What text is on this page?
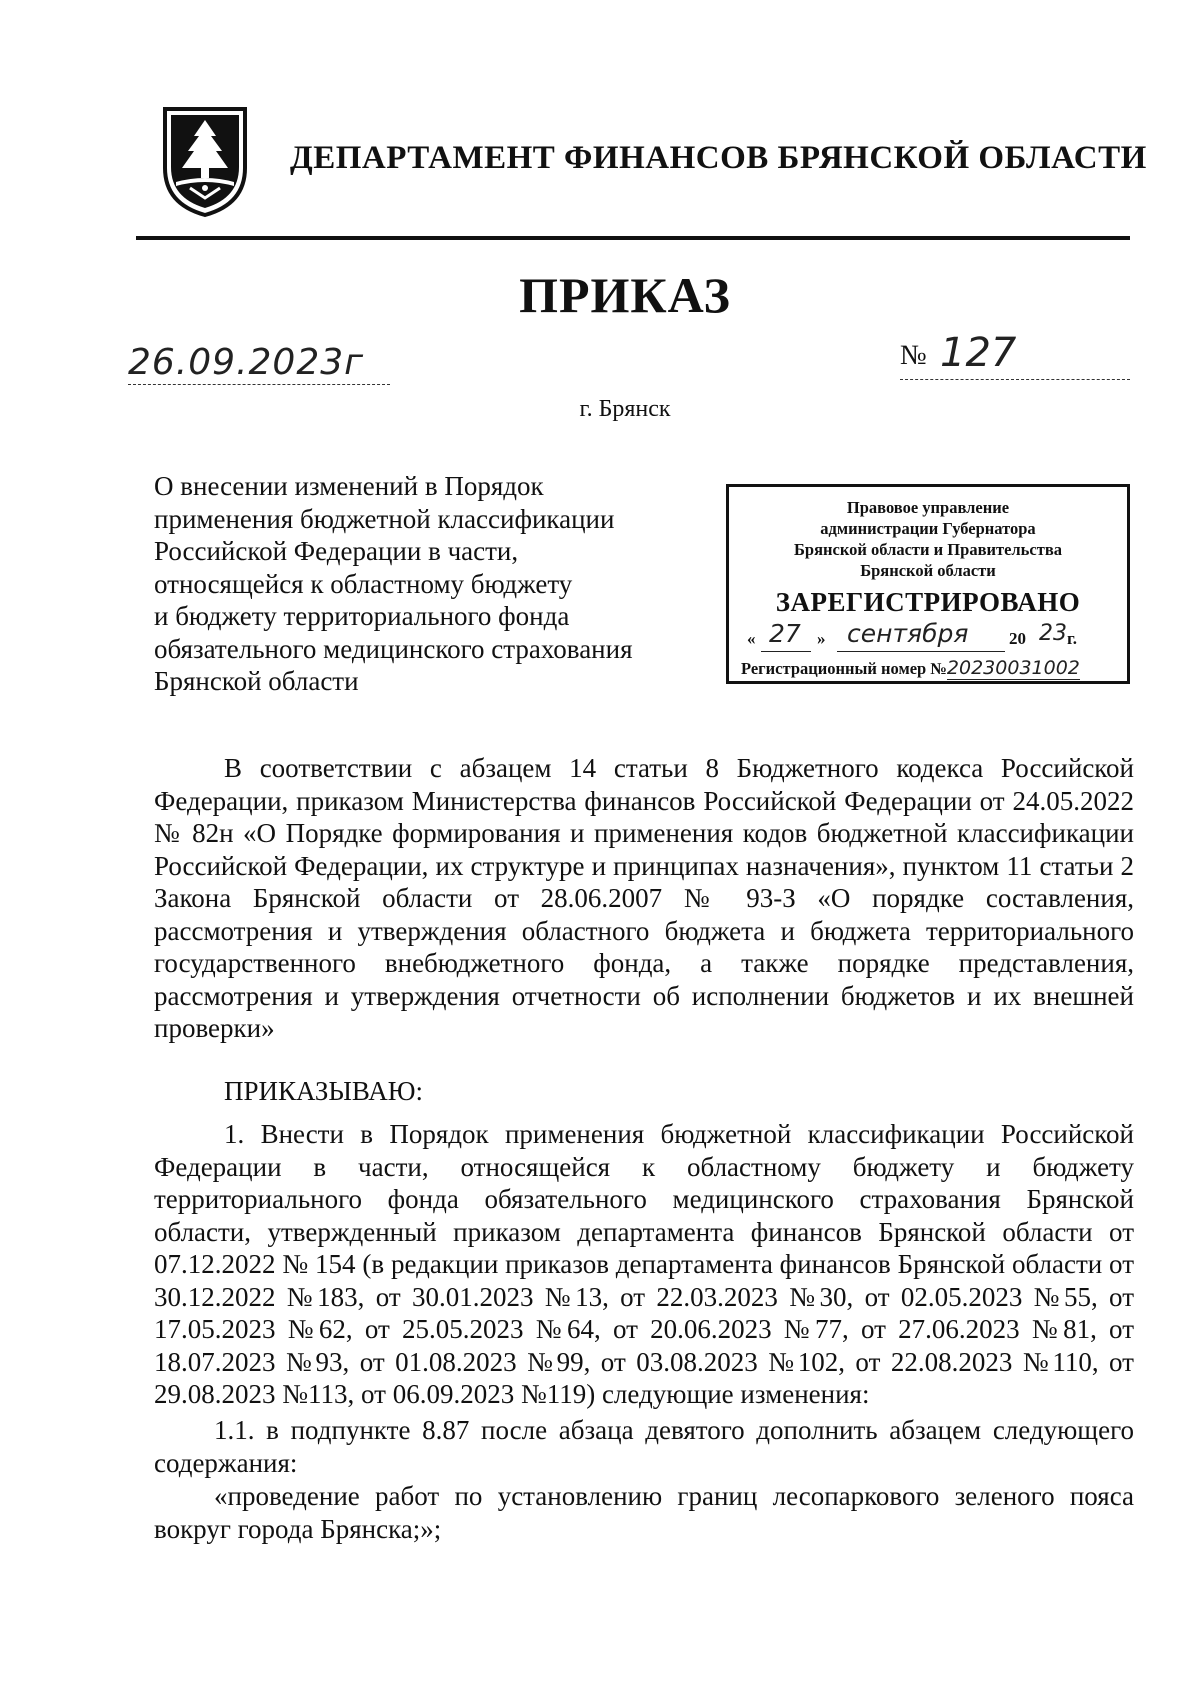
ДЕПАРТАМЕНТ ФИНАНСОВ БРЯНСКОЙ ОБЛАСТИ
ПРИКАЗ
26.09.2023г	№ 127
г. Брянск
О внесении изменений в Порядок
применения бюджетной классификации
Российской Федерации в части,
относящейся к областному бюджету
и бюджету территориального фонда
обязательного медицинского страхования
Брянской области
Правовое управление
администрации Губернатора
Брянской области и Правительства
Брянской области
ЗАРЕГИСТРИРОВАНО
« 27 » сентября 20 23 г.
Регистрационный номер №20230031002
В соответствии с абзацем 14 статьи 8 Бюджетного кодекса Российской Федерации, приказом Министерства финансов Российской Федерации от 24.05.2022 № 82н «О Порядке формирования и применения кодов бюджетной классификации Российской Федерации, их структуре и принципах назначения», пунктом 11 статьи 2 Закона Брянской области от 28.06.2007 № 93-З «О порядке составления, рассмотрения и утверждения областного бюджета и бюджета территориального государственного внебюджетного фонда, а также порядке представления, рассмотрения и утверждения отчетности об исполнении бюджетов и их внешней проверки»
ПРИКАЗЫВАЮ:
1. Внести в Порядок применения бюджетной классификации Российской Федерации в части, относящейся к областному бюджету и бюджету территориального фонда обязательного медицинского страхования Брянской области, утвержденный приказом департамента финансов Брянской области от 07.12.2022 № 154 (в редакции приказов департамента финансов Брянской области от 30.12.2022 №183, от 30.01.2023 №13, от 22.03.2023 №30, от 02.05.2023 №55, от 17.05.2023 №62, от 25.05.2023 №64, от 20.06.2023 №77, от 27.06.2023 №81, от 18.07.2023 №93, от 01.08.2023 №99, от 03.08.2023 №102, от 22.08.2023 №110, от 29.08.2023 №113, от 06.09.2023 №119) следующие изменения:
1.1. в подпункте 8.87 после абзаца девятого дополнить абзацем следующего содержания:
«проведение работ по установлению границ лесопаркового зеленого пояса вокруг города Брянска;»;
